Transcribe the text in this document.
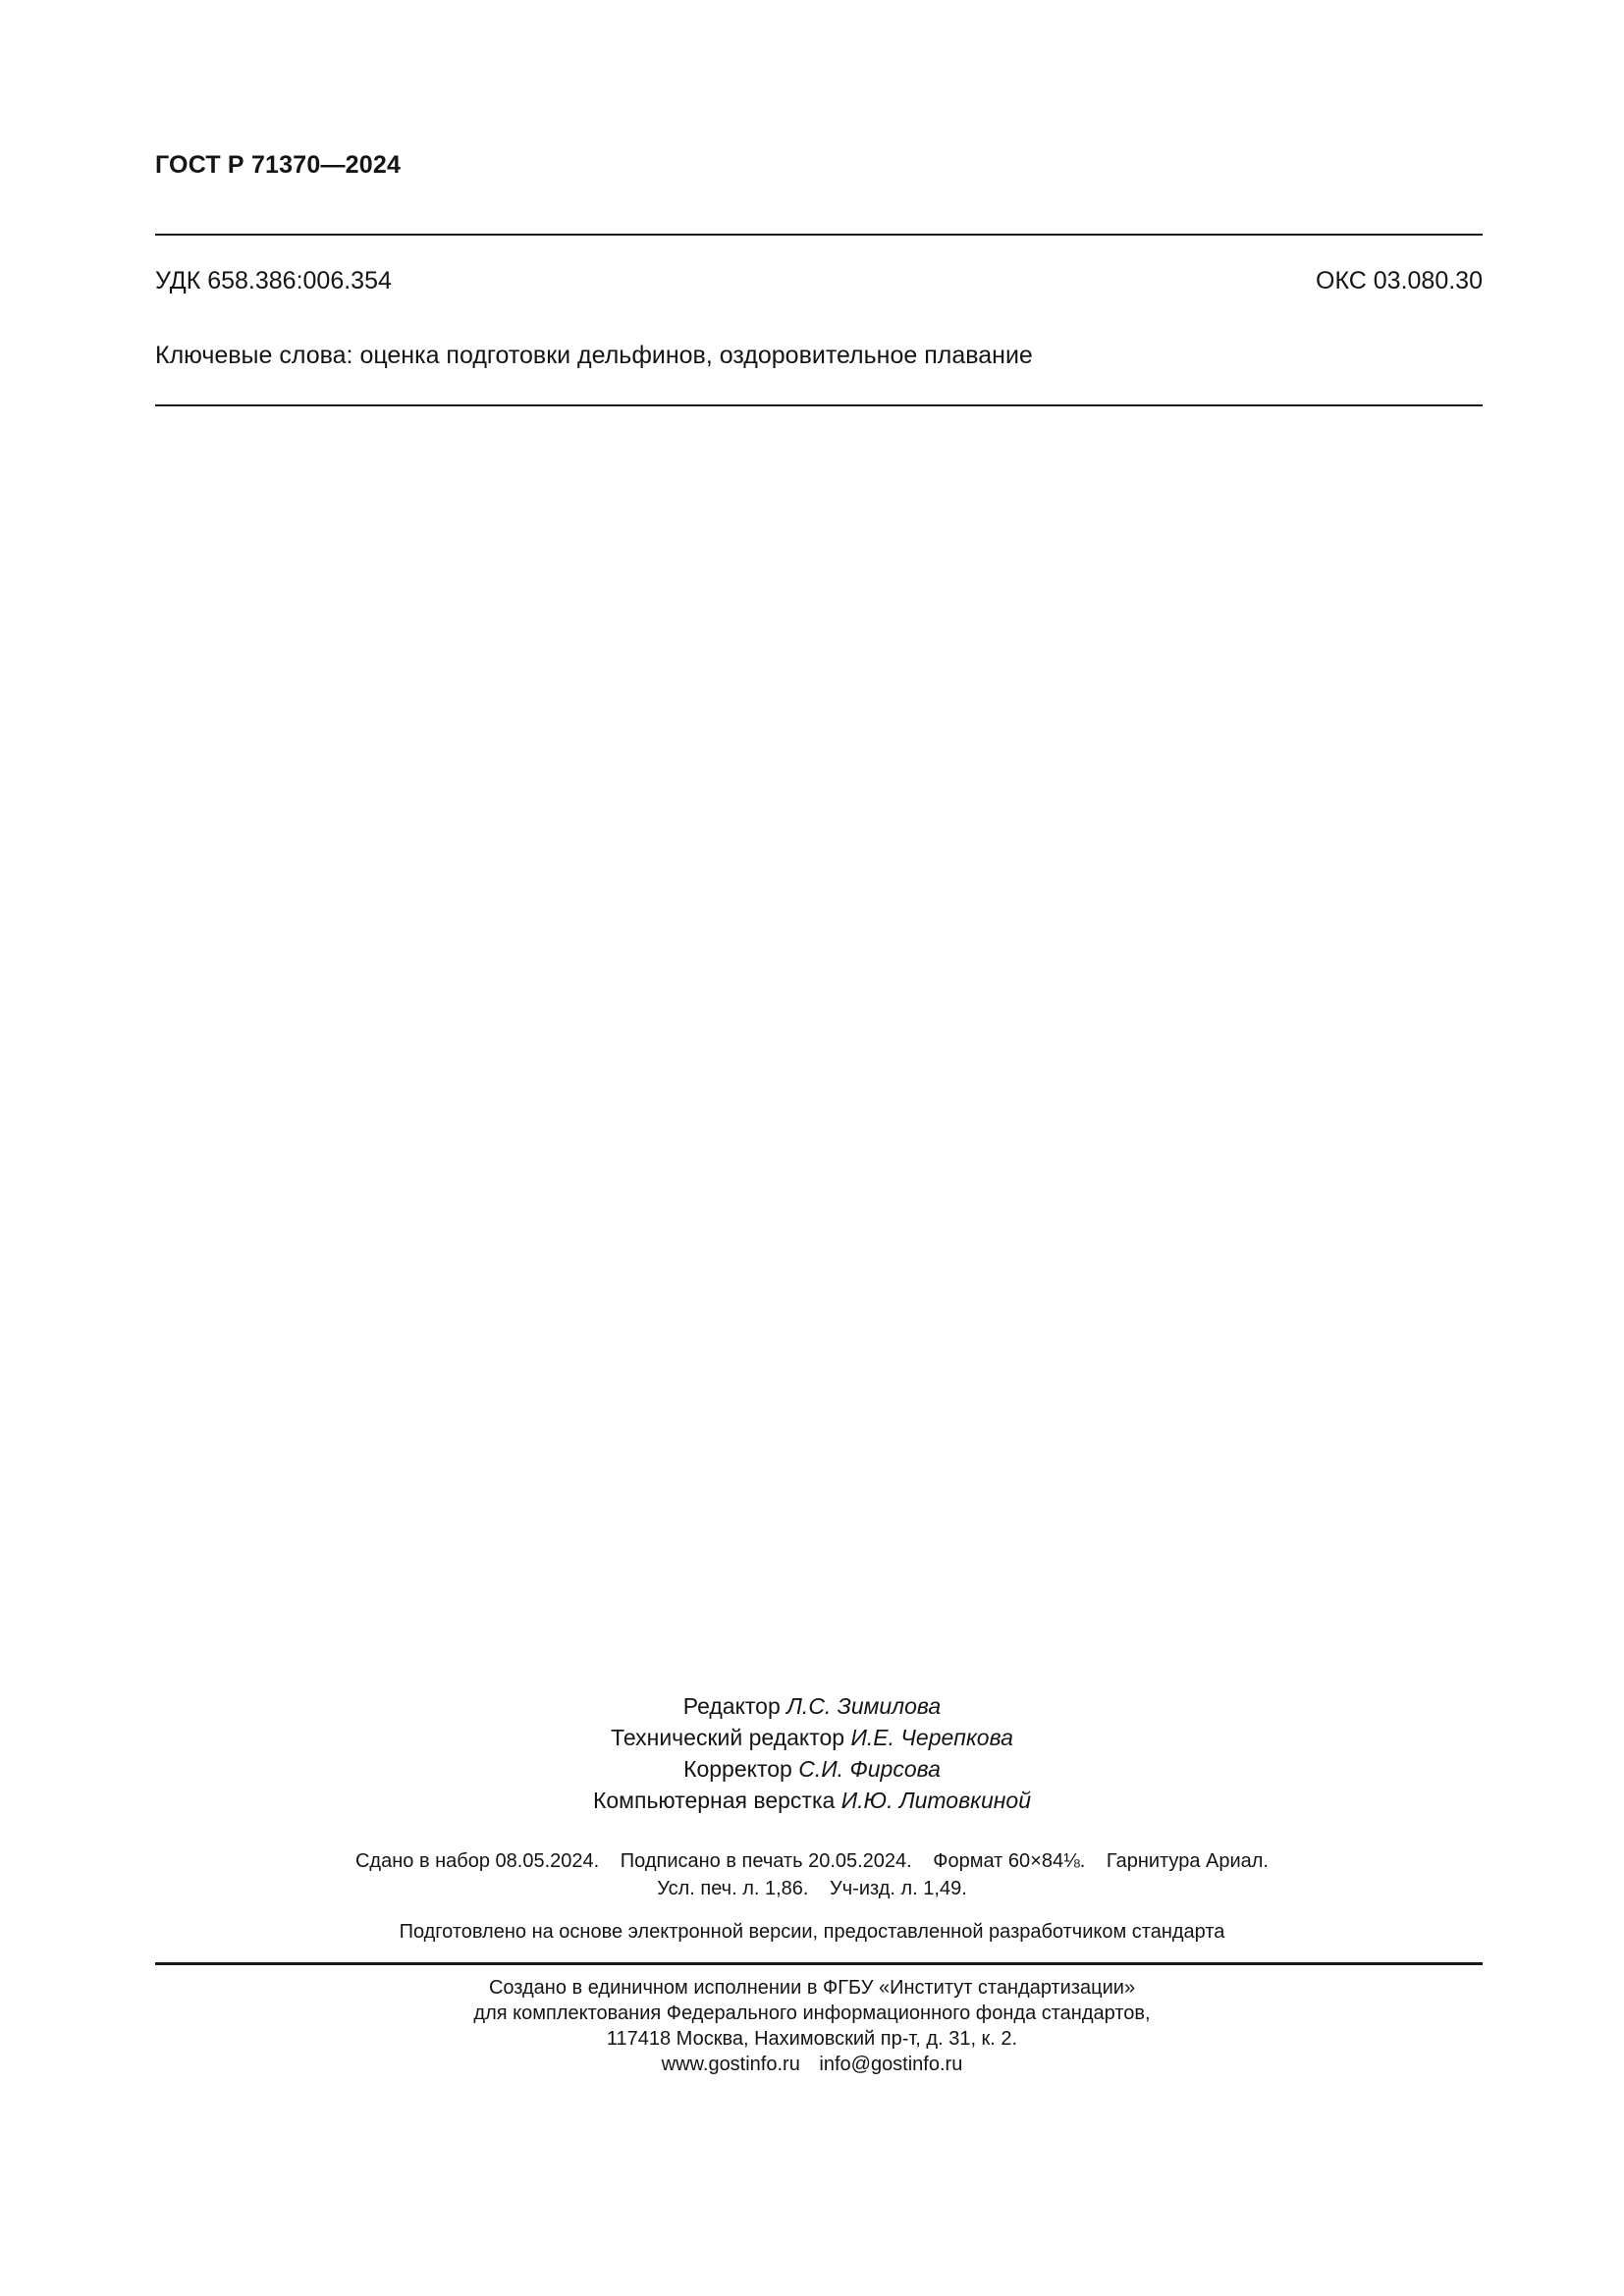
ГОСТ Р 71370—2024
УДК 658.386:006.354	ОКС 03.080.30
Ключевые слова: оценка подготовки дельфинов, оздоровительное плавание
Редактор Л.С. Зимилова
Технический редактор И.Е. Черепкова
Корректор С.И. Фирсова
Компьютерная верстка И.Ю. Литовкиной
Сдано в набор 08.05.2024. Подписано в печать 20.05.2024. Формат 60×84⅛. Гарнитура Ариал.
Усл. печ. л. 1,86. Уч-изд. л. 1,49.
Подготовлено на основе электронной версии, предоставленной разработчиком стандарта
Создано в единичном исполнении в ФГБУ «Институт стандартизации»
для комплектования Федерального информационного фонда стандартов,
117418 Москва, Нахимовский пр-т, д. 31, к. 2.
www.gostinfo.ru info@gostinfo.ru
